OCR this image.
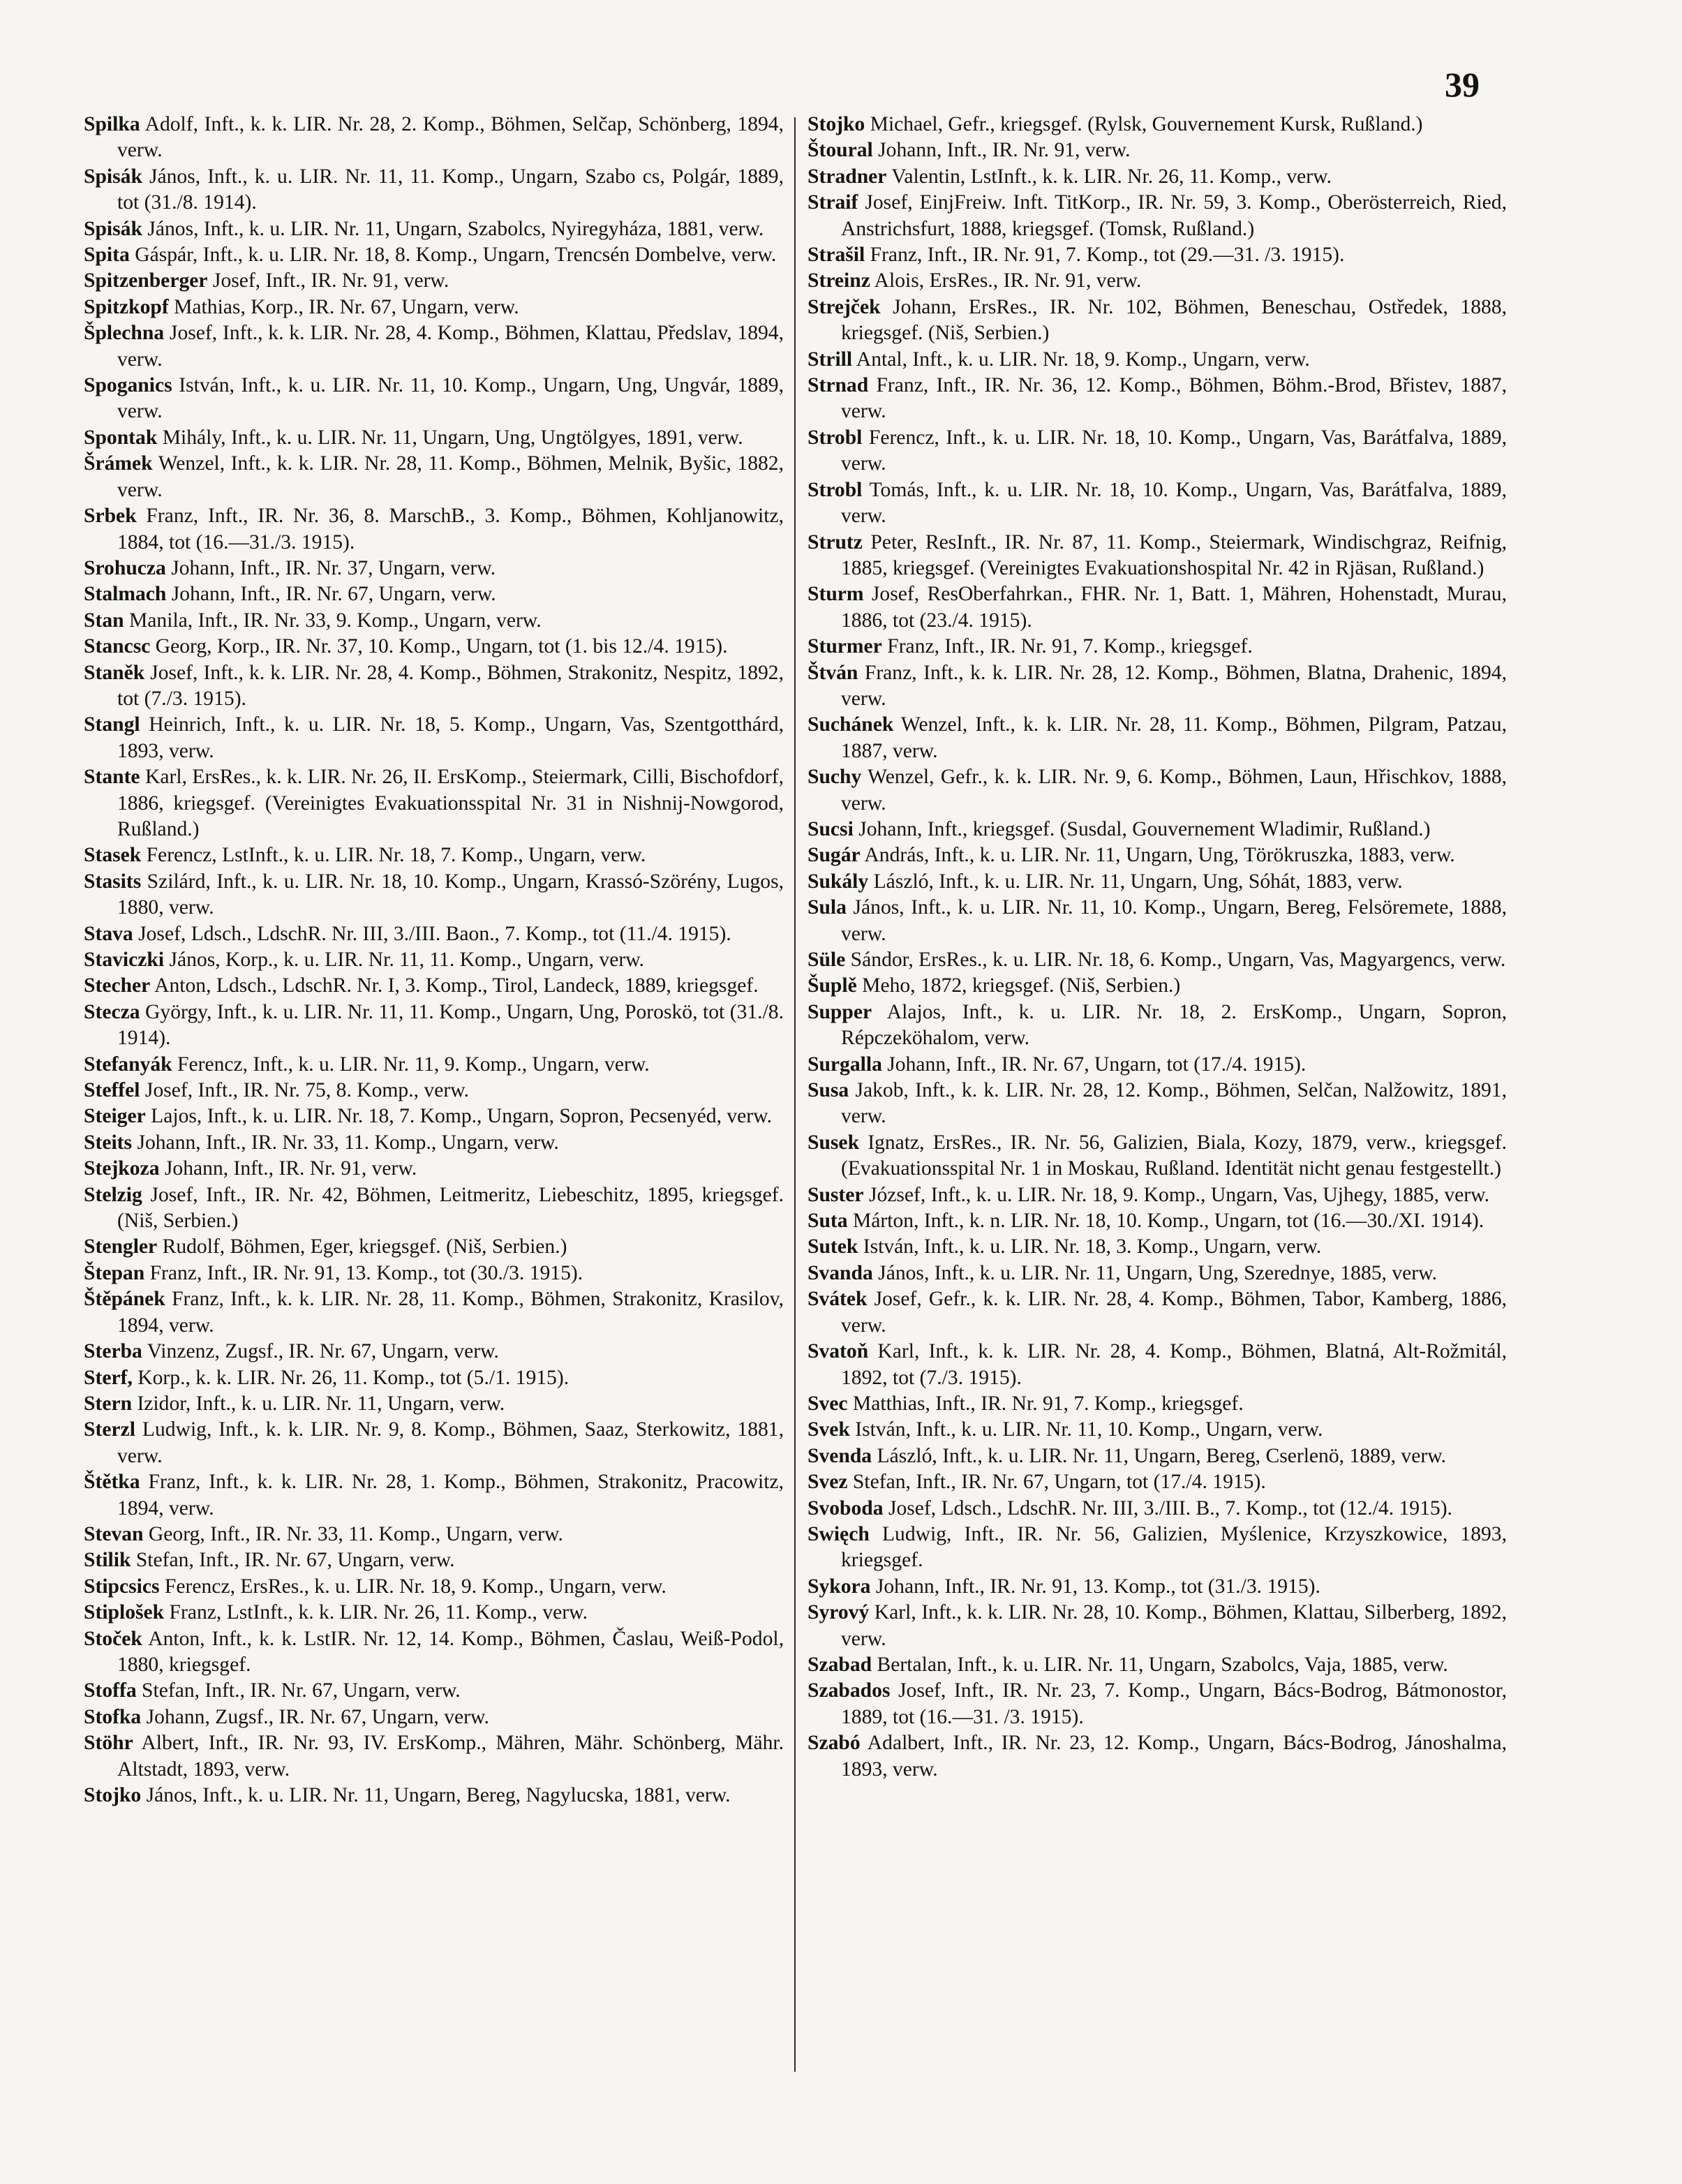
39

Spilka Adolf, Inft., k. k. LIR. Nr. 28, 2. Komp., Böhmen, Selčap, Schönberg, 1894, verw.

Spisák János, Inft., k. u. LIR. Nr. 11, 11. Komp., Ungarn, Szabo cs, Polgár, 1889, tot (31./8. 1914).

Spisák János, Inft., k. u. LIR. Nr. 11, Ungarn, Szabolcs, Nyiregyháza, 1881, verw.

Spita Gáspár, Inft., k. u. LIR. Nr. 18, 8. Komp., Ungarn, Trencsén Dombelve, verw.

Spitzenberger Josef, Inft., IR. Nr. 91, verw.

Spitzkopf Mathias, Korp., IR. Nr. 67, Ungarn, verw.

Šplechna Josef, Inft., k. k. LIR. Nr. 28, 4. Komp., Böhmen, Klattau, Předslav, 1894, verw.

Spoganics István, Inft., k. u. LIR. Nr. 11, 10. Komp., Ungarn, Ung, Ungvár, 1889, verw.

Spontak Mihály, Inft., k. u. LIR. Nr. 11, Ungarn, Ung, Ungtölgyes, 1891, verw.

Šrámek Wenzel, Inft., k. k. LIR. Nr. 28, 11. Komp., Böhmen, Melnik, Byšic, 1882, verw.

Srbek Franz, Inft., IR. Nr. 36, 8. MarschB., 3. Komp., Böhmen, Kohljanowitz, 1884, tot (16.—31./3. 1915).

Srohucza Johann, Inft., IR. Nr. 37, Ungarn, verw.

Stalmach Johann, Inft., IR. Nr. 67, Ungarn, verw.

Stan Manila, Inft., IR. Nr. 33, 9. Komp., Ungarn, verw.

Stancsc Georg, Korp., IR. Nr. 37, 10. Komp., Ungarn, tot (1. bis 12./4. 1915).

Staněk Josef, Inft., k. k. LIR. Nr. 28, 4. Komp., Böhmen, Strakonitz, Nespitz, 1892, tot (7./3. 1915).

Stangl Heinrich, Inft., k. u. LIR. Nr. 18, 5. Komp., Ungarn, Vas, Szentgotthárd, 1893, verw.

Stante Karl, ErsRes., k. k. LIR. Nr. 26, II. ErsKomp., Steiermark, Cilli, Bischofdorf, 1886, kriegsgef. (Vereinigtes Evakuationsspital Nr. 31 in Nishnij-Nowgorod, Rußland.)

Stasek Ferencz, LstInft., k. u. LIR. Nr. 18, 7. Komp., Ungarn, verw.

Stasits Szilárd, Inft., k. u. LIR. Nr. 18, 10. Komp., Ungarn, Krassó-Szörény, Lugos, 1880, verw.

Stava Josef, Ldsch., LdschR. Nr. III, 3./III. Baon., 7. Komp., tot (11./4. 1915).

Staviczki János, Korp., k. u. LIR. Nr. 11, 11. Komp., Ungarn, verw.

Stecher Anton, Ldsch., LdschR. Nr. I, 3. Komp., Tirol, Landeck, 1889, kriegsgef.

Stecza György, Inft., k. u. LIR. Nr. 11, 11. Komp., Ungarn, Ung, Poroskö, tot (31./8. 1914).

Stefanyák Ferencz, Inft., k. u. LIR. Nr. 11, 9. Komp., Ungarn, verw.

Steffel Josef, Inft., IR. Nr. 75, 8. Komp., verw.

Steiger Lajos, Inft., k. u. LIR. Nr. 18, 7. Komp., Ungarn, Sopron, Pecsenyéd, verw.

Steits Johann, Inft., IR. Nr. 33, 11. Komp., Ungarn, verw.

Stejkoza Johann, Inft., IR. Nr. 91, verw.

Stelzig Josef, Inft., IR. Nr. 42, Böhmen, Leitmeritz, Liebeschitz, 1895, kriegsgef. (Niš, Serbien.)

Stengler Rudolf, Böhmen, Eger, kriegsgef. (Niš, Serbien.)

Štepan Franz, Inft., IR. Nr. 91, 13. Komp., tot (30./3. 1915).

Štěpánek Franz, Inft., k. k. LIR. Nr. 28, 11. Komp., Böhmen, Strakonitz, Krasilov, 1894, verw.

Sterba Vinzenz, Zugsf., IR. Nr. 67, Ungarn, verw.

Sterf, Korp., k. k. LIR. Nr. 26, 11. Komp., tot (5./1. 1915).

Stern Izidor, Inft., k. u. LIR. Nr. 11, Ungarn, verw.

Sterzl Ludwig, Inft., k. k. LIR. Nr. 9, 8. Komp., Böhmen, Saaz, Sterkowitz, 1881, verw.

Štětka Franz, Inft., k. k. LIR. Nr. 28, 1. Komp., Böhmen, Strakonitz, Pracowitz, 1894, verw.

Stevan Georg, Inft., IR. Nr. 33, 11. Komp., Ungarn, verw.

Stilik Stefan, Inft., IR. Nr. 67, Ungarn, verw.

Stipcsics Ferencz, ErsRes., k. u. LIR. Nr. 18, 9. Komp., Ungarn, verw.

Stiplošek Franz, LstInft., k. k. LIR. Nr. 26, 11. Komp., verw.

Stoček Anton, Inft., k. k. LstIR. Nr. 12, 14. Komp., Böhmen, Časlau, Weiß-Podol, 1880, kriegsgef.

Stoffa Stefan, Inft., IR. Nr. 67, Ungarn, verw.

Stofka Johann, Zugsf., IR. Nr. 67, Ungarn, verw.

Stöhr Albert, Inft., IR. Nr. 93, IV. ErsKomp., Mähren, Mähr. Schönberg, Mähr. Altstadt, 1893, verw.

Stojko János, Inft., k. u. LIR. Nr. 11, Ungarn, Bereg, Nagylucska, 1881, verw.

Stojko Michael, Gefr., kriegsgef. (Rylsk, Gouvernement Kursk, Rußland.)

Štoural Johann, Inft., IR. Nr. 91, verw.

Stradner Valentin, LstInft., k. k. LIR. Nr. 26, 11. Komp., verw.

Straif Josef, EinjFreiw. Inft. TitKorp., IR. Nr. 59, 3. Komp., Oberösterreich, Ried, Anstrichsfurt, 1888, kriegsgef. (Tomsk, Rußland.)

Strašil Franz, Inft., IR. Nr. 91, 7. Komp., tot (29.—31. /3. 1915).

Streinz Alois, ErsRes., IR. Nr. 91, verw.

Strejček Johann, ErsRes., IR. Nr. 102, Böhmen, Beneschau, Ostředek, 1888, kriegsgef. (Niš, Serbien.)

Strill Antal, Inft., k. u. LIR. Nr. 18, 9. Komp., Ungarn, verw.

Strnad Franz, Inft., IR. Nr. 36, 12. Komp., Böhmen, Böhm.-Brod, Břistev, 1887, verw.

Strobl Ferencz, Inft., k. u. LIR. Nr. 18, 10. Komp., Ungarn, Vas, Barátfalva, 1889, verw.

Strobl Tomás, Inft., k. u. LIR. Nr. 18, 10. Komp., Ungarn, Vas, Barátfalva, 1889, verw.

Strutz Peter, ResInft., IR. Nr. 87, 11. Komp., Steiermark, Windischgraz, Reifnig, 1885, kriegsgef. (Vereinigtes Evakuationshospital Nr. 42 in Rjäsan, Rußland.)

Sturm Josef, ResOberfahrkan., FHR. Nr. 1, Batt. 1, Mähren, Hohenstadt, Murau, 1886, tot (23./4. 1915).

Sturmer Franz, Inft., IR. Nr. 91, 7. Komp., kriegsgef.

Štván Franz, Inft., k. k. LIR. Nr. 28, 12. Komp., Böhmen, Blatna, Drahenic, 1894, verw.

Suchánek Wenzel, Inft., k. k. LIR. Nr. 28, 11. Komp., Böhmen, Pilgram, Patzau, 1887, verw.

Suchy Wenzel, Gefr., k. k. LIR. Nr. 9, 6. Komp., Böhmen, Laun, Hřischkov, 1888, verw.

Sucsi Johann, Inft., kriegsgef. (Susdal, Gouvernement Wladimir, Rußland.)

Sugár András, Inft., k. u. LIR. Nr. 11, Ungarn, Ung, Törökruszka, 1883, verw.

Sukály László, Inft., k. u. LIR. Nr. 11, Ungarn, Ung, Sóhát, 1883, verw.

Sula János, Inft., k. u. LIR. Nr. 11, 10. Komp., Ungarn, Bereg, Felsöremete, 1888, verw.

Süle Sándor, ErsRes., k. u. LIR. Nr. 18, 6. Komp., Ungarn, Vas, Magyargencs, verw.

Šuplě Meho, 1872, kriegsgef. (Niš, Serbien.)

Supper Alajos, Inft., k. u. LIR. Nr. 18, 2. ErsKomp., Ungarn, Sopron, Répczeköhalom, verw.

Surgalla Johann, Inft., IR. Nr. 67, Ungarn, tot (17./4. 1915).

Susa Jakob, Inft., k. k. LIR. Nr. 28, 12. Komp., Böhmen, Selčan, Nalžowitz, 1891, verw.

Susek Ignatz, ErsRes., IR. Nr. 56, Galizien, Biala, Kozy, 1879, verw., kriegsgef. (Evakuationsspital Nr. 1 in Moskau, Rußland. Identität nicht genau festgestellt.)

Suster József, Inft., k. u. LIR. Nr. 18, 9. Komp., Ungarn, Vas, Ujhegy, 1885, verw.

Suta Márton, Inft., k. n. LIR. Nr. 18, 10. Komp., Ungarn, tot (16.—30./XI. 1914).

Sutek István, Inft., k. u. LIR. Nr. 18, 3. Komp., Ungarn, verw.

Svanda János, Inft., k. u. LIR. Nr. 11, Ungarn, Ung, Szerednye, 1885, verw.

Svátek Josef, Gefr., k. k. LIR. Nr. 28, 4. Komp., Böhmen, Tabor, Kamberg, 1886, verw.

Svatoň Karl, Inft., k. k. LIR. Nr. 28, 4. Komp., Böhmen, Blatná, Alt-Rožmitál, 1892, tot (7./3. 1915).

Svec Matthias, Inft., IR. Nr. 91, 7. Komp., kriegsgef.

Svek István, Inft., k. u. LIR. Nr. 11, 10. Komp., Ungarn, verw.

Svenda László, Inft., k. u. LIR. Nr. 11, Ungarn, Bereg, Cserlenö, 1889, verw.

Svez Stefan, Inft., IR. Nr. 67, Ungarn, tot (17./4. 1915).

Svoboda Josef, Ldsch., LdschR. Nr. III, 3./III. B., 7. Komp., tot (12./4. 1915).

Swięch Ludwig, Inft., IR. Nr. 56, Galizien, Myślenice, Krzyszkowice, 1893, kriegsgef.

Sykora Johann, Inft., IR. Nr. 91, 13. Komp., tot (31./3. 1915).

Syrový Karl, Inft., k. k. LIR. Nr. 28, 10. Komp., Böhmen, Klattau, Silberberg, 1892, verw.

Szabad Bertalan, Inft., k. u. LIR. Nr. 11, Ungarn, Szabolcs, Vaja, 1885, verw.

Szabados Josef, Inft., IR. Nr. 23, 7. Komp., Ungarn, Bács-Bodrog, Bátmonostor, 1889, tot (16.—31. /3. 1915).

Szabó Adalbert, Inft., IR. Nr. 23, 12. Komp., Ungarn, Bács-Bodrog, Jánoshalma, 1893, verw.
